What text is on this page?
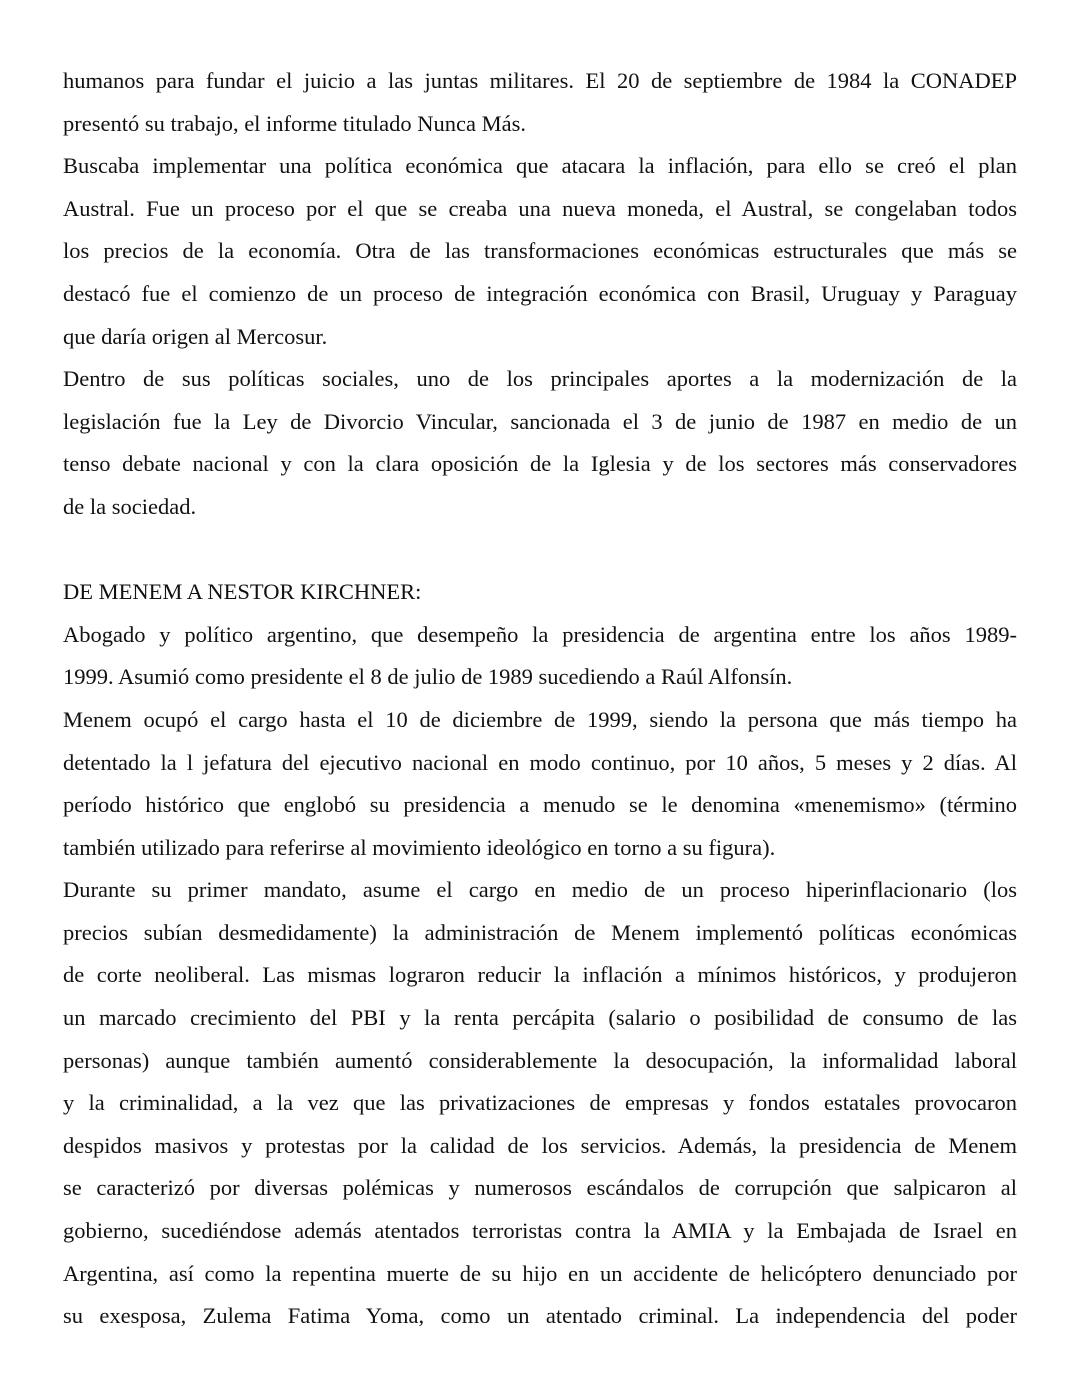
humanos para fundar el juicio a las juntas militares. El 20 de septiembre de 1984 la CONADEP
presentó su trabajo, el informe titulado Nunca Más.
Buscaba implementar una política económica que atacara la inflación, para ello se creó el plan
Austral. Fue un proceso por el que se creaba una nueva moneda, el Austral, se congelaban todos
los precios de la economía. Otra de las transformaciones económicas estructurales que más se
destacó fue el comienzo de un proceso de integración económica con Brasil, Uruguay y Paraguay
que daría origen al Mercosur.
Dentro de sus políticas sociales, uno de los principales aportes a la modernización de la
legislación fue la Ley de Divorcio Vincular, sancionada el 3 de junio de 1987 en medio de un
tenso debate nacional y con la clara oposición de la Iglesia y de los sectores más conservadores
de la sociedad.
DE MENEM A NESTOR KIRCHNER:
Abogado y político argentino, que desempeño la presidencia de argentina entre los años 1989-
1999. Asumió como presidente el 8 de julio de 1989 sucediendo a Raúl Alfonsín.
Menem ocupó el cargo hasta el 10 de diciembre de 1999, siendo la persona que más tiempo ha
detentado la l jefatura del ejecutivo nacional en modo continuo, por 10 años, 5 meses y 2 días. Al
período histórico que englobó su presidencia a menudo se le denomina «menemismo» (término
también utilizado para referirse al movimiento ideológico en torno a su figura).
Durante su primer mandato, asume el cargo en medio de un proceso hiperinflacionario (los
precios subían desmedidamente) la administración de Menem implementó políticas económicas
de corte neoliberal. Las mismas lograron reducir la inflación a mínimos históricos, y produjeron
un marcado crecimiento del PBI y la renta percápita (salario o posibilidad de consumo de las
personas) aunque también aumentó considerablemente la desocupación, la informalidad laboral
y la criminalidad, a la vez que las privatizaciones de empresas y fondos estatales provocaron
despidos masivos y protestas por la calidad de los servicios. Además, la presidencia de Menem
se caracterizó por diversas polémicas y numerosos escándalos de corrupción que salpicaron al
gobierno, sucediéndose además atentados terroristas contra la AMIA y la Embajada de Israel en
Argentina, así como la repentina muerte de su hijo en un accidente de helicóptero denunciado por
su exesposa, Zulema Fatima Yoma, como un atentado criminal. La independencia del poder
